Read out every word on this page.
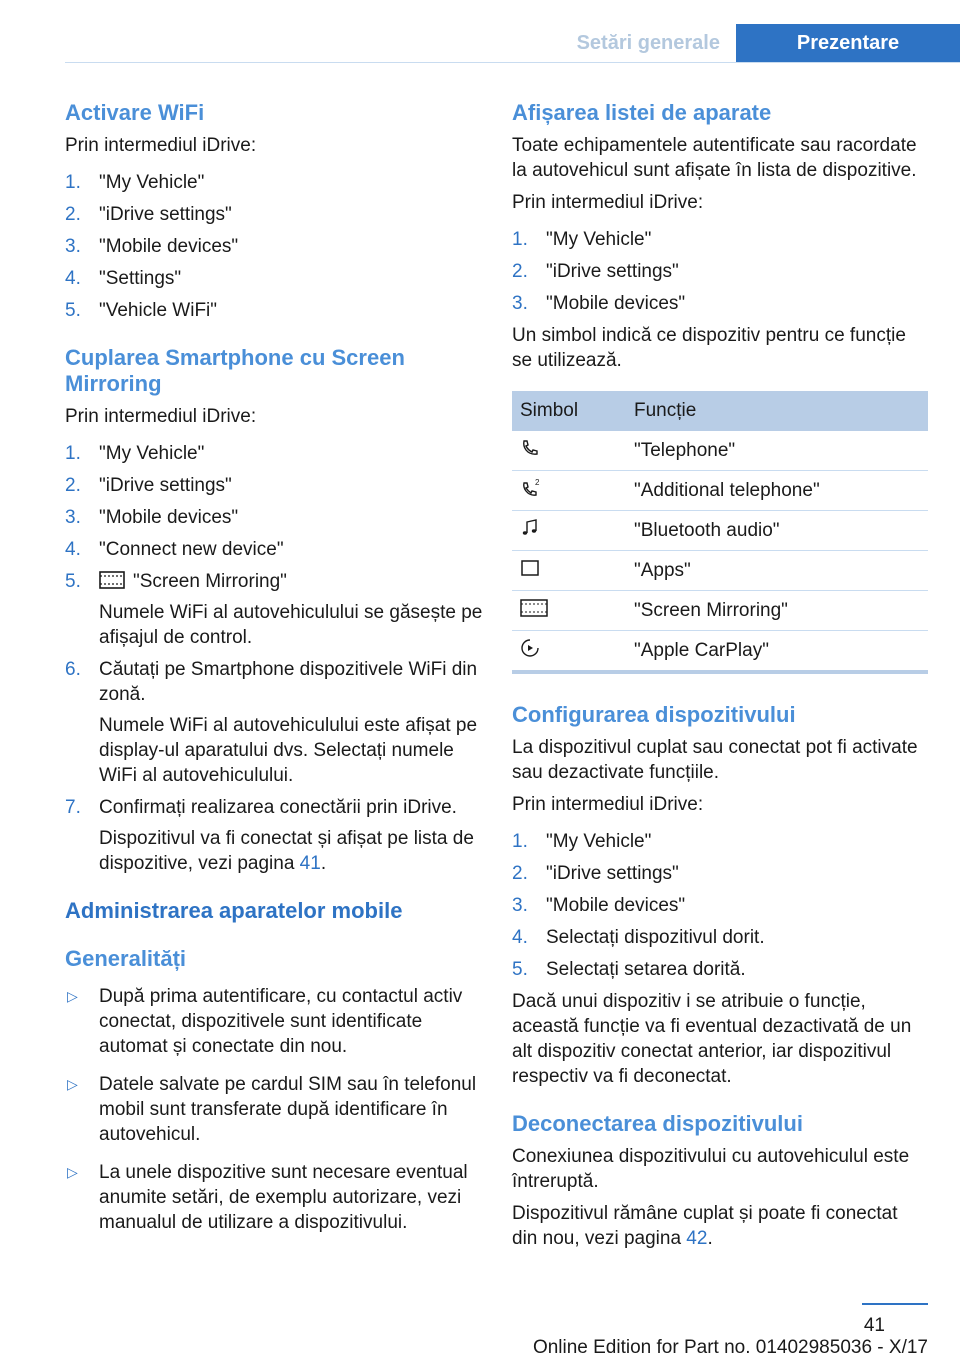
Setări generale	Prezentare
Activare WiFi

Prin intermediul iDrive:

1. "My Vehicle"
2. "iDrive settings"
3. "Mobile devices"
4. "Settings"
5. "Vehicle WiFi"
Cuplarea Smartphone cu Screen Mirroring

Prin intermediul iDrive:

1. "My Vehicle"
2. "iDrive settings"
3. "Mobile devices"
4. "Connect new device"
5.	"Screen Mirroring"
Numele WiFi al autovehiculului se găsește pe afișajul de control.
6. Căutați pe Smartphone dispozitivele WiFi din zonă.
Numele WiFi al autovehiculului este afișat pe display-ul aparatului dvs. Selectați numele WiFi al autovehiculului.
7. Confirmați realizarea conectării prin iDrive.
Dispozitivul va fi conectat și afișat pe lista de dispozitive, vezi pagina 41.
Administrarea aparatelor mobile
Generalități
▷ După prima autentificare, cu contactul activ conectat, dispozitivele sunt identificate automat și conectate din nou.
▷ Datele salvate pe cardul SIM sau în telefonul mobil sunt transferate după identificare în autovehicul.
▷ La unele dispozitive sunt necesare eventual anumite setări, de exemplu autorizare, vezi manualul de utilizare a dispozitivului.
Afișarea listei de aparate

Toate echipamentele autentificate sau racordate la autovehicul sunt afișate în lista de dispozitive.

Prin intermediul iDrive:

1. "My Vehicle"
2. "iDrive settings"
3. "Mobile devices"

Un simbol indică ce dispozitiv pentru ce funcție se utilizează.

Simbol	Funcție
	"Telephone"

2	"Additional telephone"
	"Bluetooth audio"
	"Apps"
	"Screen Mirroring"
	"Apple CarPlay"
Configurarea dispozitivului

La dispozitivul cuplat sau conectat pot fi activate sau dezactivate funcțiile.

Prin intermediul iDrive:

1. "My Vehicle"
2. "iDrive settings"
3. "Mobile devices"
4. Selectați dispozitivul dorit.
5. Selectați setarea dorită.

Dacă unui dispozitiv i se atribuie o funcție, această funcție va fi eventual dezactivată de un alt dispozitiv conectat anterior, iar dispozitivul respectiv va fi deconectat.

Deconectarea dispozitivului

Conexiunea dispozitivului cu autovehiculul este întreruptă.

Dispozitivul rămâne cuplat și poate fi conectat din nou, vezi pagina 42.

41
Online Edition for Part no. 01402985036 - X/17
